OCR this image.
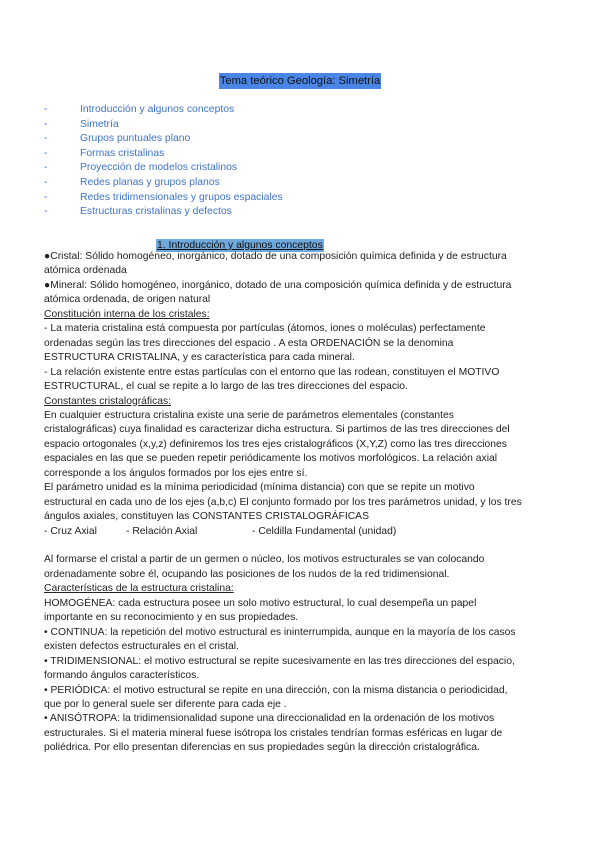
Tema teórico Geología: Simetría
-	Introducción y algunos conceptos
-	Simetría
-	Grupos puntuales plano
-	Formas cristalinas
-	Proyección de modelos cristalinos
-	Redes planas y grupos planos
-	Redes tridimensionales y grupos espaciales
-	Estructuras cristalinas y defectos
1. Introducción y algunos conceptos

●Cristal: Sólido homogéneo, inorgánico, dotado de una composición química definida y de estructura

atómica ordenada

●Mineral: Sólido homogéneo, inorgánico, dotado de una composición química definida y de estructura

atómica ordenada, de origen natural

Constitución interna de los cristales:

- La materia cristalina está compuesta por partículas (átomos, iones o moléculas) perfectamente

ordenadas según las tres direcciones del espacio . A esta ORDENACIÓN se la denomina

ESTRUCTURA CRISTALINA, y es característica para cada mineral.

- La relación existente entre estas partículas con el entorno que las rodean, constituyen el MOTIVO

ESTRUCTURAL, el cual se repite a lo largo de las tres direcciones del espacio.

Constantes cristalográficas:

En cualquier estructura cristalina existe una serie de parámetros elementales (constantes

cristalográficas) cuya finalidad es caracterizar dicha estructura. Si partimos de las tres direcciones del

espacio ortogonales (x,y,z) definiremos los tres ejes cristalográficos (X,Y,Z) como las tres direcciones

espaciales en las que se pueden repetir periódicamente los motivos morfológicos. La relación axial

corresponde a los ángulos formados por los ejes entre sí.

El parámetro unidad es la mínima periodicidad (mínima distancia) con que se repite un motivo

estructural en cada uno de los ejes (a,b,c) El conjunto formado por los tres parámetros unidad, y los tres

ángulos axiales, constituyen las CONSTANTES CRISTALOGRÁFICAS

- Cruz Axial	- Relación Axial	- Celdilla Fundamental (unidad)

Al formarse el cristal a partir de un germen o núcleo, los motivos estructurales se van colocando

ordenadamente sobre él, ocupando las posiciones de los nudos de la red tridimensional.

Características de la estructura cristalina:

HOMOGÉNEA: cada estructura posee un solo motivo estructural, lo cual desempeña un papel

importante en su reconocimiento y en sus propiedades.

• CONTINUA: la repetición del motivo estructural es ininterrumpida, aunque en la mayoría de los casos

existen defectos estructurales en el cristal.

• TRIDIMENSIONAL: el motivo estructural se repite sucesivamente en las tres direcciones del espacio,

formando ángulos característicos.

• PERIÓDICA: el motivo estructural se repite en una dirección, con la misma distancia o periodicidad,

que por lo general suele ser diferente para cada eje .

• ANISÓTROPA: la tridimensionalidad supone una direccionalidad en la ordenación de los motivos

estructurales. Si el materia mineral fuese isótropa los cristales tendrían formas esféricas en lugar de

poliédrica. Por ello presentan diferencias en sus propiedades según la dirección cristalográfica.
